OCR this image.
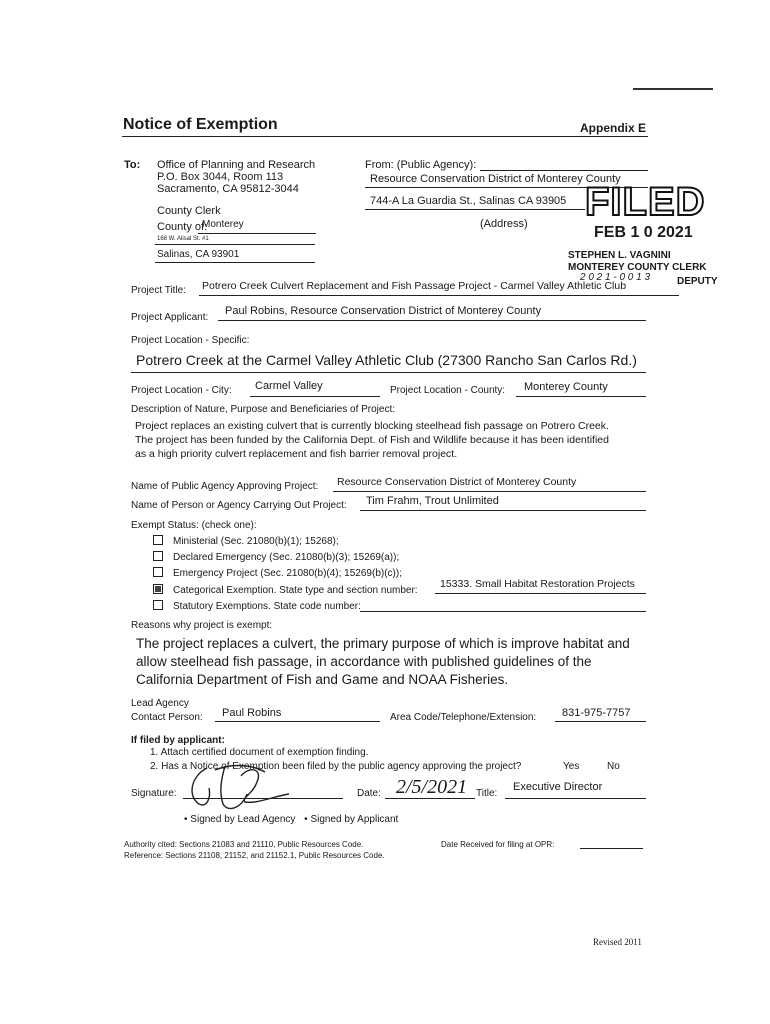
Notice of Exemption	Appendix E
To: Office of Planning and Research
P.O. Box 3044, Room 113
Sacramento, CA 95812-3044
County Clerk
County of:
Monterey
168 W. Alisal St. #1
Salinas, CA 93901
From: (Public Agency):
Resource Conservation District of Monterey County
744-A La Guardia St., Salinas CA 93905
(Address) FILED
FEB 1 0 2021
STEPHEN L. VAGNINI
MONTEREY COUNTY CLERK
2 0 2 1 - 0 0 1 3	DEPUTY
Project Title: Potrero Creek Culvert Replacement and Fish Passage Project - Carmel Valley Athletic Club
Project Applicant:
Paul Robins, Resource Conservation District of Monterey County
Project Location - Specific:
Potrero Creek at the Carmel Valley Athletic Club (27300 Rancho San Carlos Rd.)
Project Location - City: Carmel Valley	Project Location - County: Monterey County
Description of Nature, Purpose and Beneficiaries of Project:
Project replaces an existing culvert that is currently blocking steelhead fish passage on Potrero Creek.
The project has been funded by the California Dept. of Fish and Wildlife because it has been identified
as a high priority culvert replacement and fish barrier removal project.
Name of Public Agency Approving Project: Resource Conservation District of Monterey County
Name of Person or Agency Carrying Out Project: Tim Frahm, Trout Unlimited
Exempt Status: (check one):
Ministerial (Sec. 21080(b)(1); 15268);
Declared Emergency (Sec. 21080(b)(3); 15269(a));
Emergency Project (Sec. 21080(b)(4); 15269(b)(c));
Categorical Exemption. State type and section number:
15333. Small Habitat Restoration Projects
Statutory Exemptions. State code number:
Reasons why project is exempt:
The project replaces a culvert, the primary purpose of which is improve habitat and
allow steelhead fish passage, in accordance with published guidelines of the
California Department of Fish and Game and NOAA Fisheries.
Lead Agency
Contact Person: Paul Robins	Area Code/Telephone/Extension: 831-975-7757
If filed by applicant:
1. Attach certified document of exemption finding.
2. Has a Notice of Exemption been filed by the public agency approving the project?	Yes	No
Signature:	Date: 2/5/2021 Title:
Executive Director
• Signed by Lead Agency • Signed by Applicant
Authority cited: Sections 21083 and 21110, Public Resources Code.
Reference: Sections 21108, 21152, and 21152.1, Public Resources Code.
Date Received for filing at OPR:
Revised 2011
